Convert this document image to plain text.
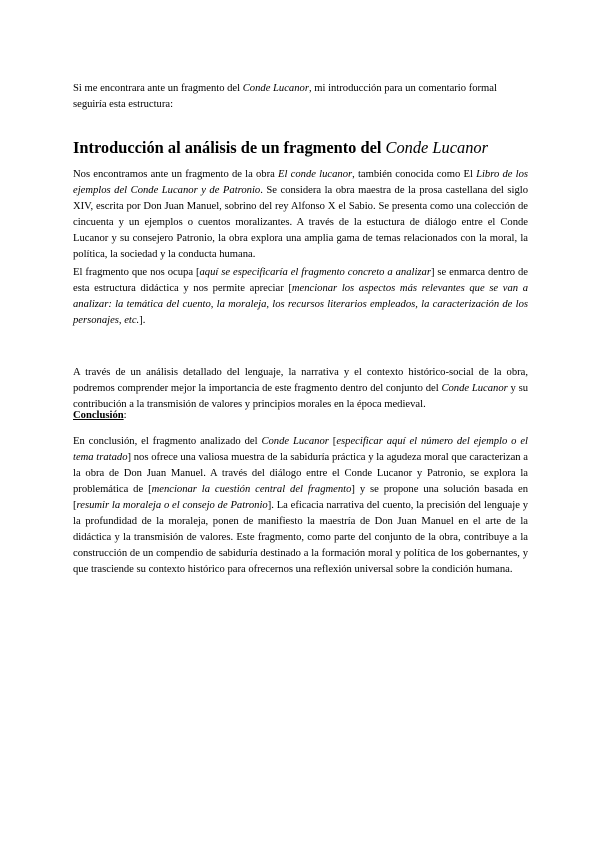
Si me encontrara ante un fragmento del Conde Lucanor, mi introducción para un comentario formal seguiría esta estructura:

Introducción al análisis de un fragmento del Conde Lucanor

Nos encontramos ante un fragmento de la obra El conde lucanor, también conocida como El Libro de los ejemplos del Conde Lucanor y de Patronio. Se considera la obra maestra de la prosa castellana del siglo XIV, escrita por Don Juan Manuel, sobrino del rey Alfonso X el Sabio. Se presenta como una colección de cincuenta y un ejemplos o cuentos moralizantes. A través de la estuctura de diálogo entre el Conde Lucanor y su consejero Patronio, la obra explora una amplia gama de temas relacionados con la moral, la política, la sociedad y la conducta humana.

El fragmento que nos ocupa [aquí se especificaría el fragmento concreto a analizar] se enmarca dentro de esta estructura didáctica y nos permite apreciar [mencionar los aspectos más relevantes que se van a analizar: la temática del cuento, la moraleja, los recursos literarios empleados, la caracterización de los personajes, etc.].

A través de un análisis detallado del lenguaje, la narrativa y el contexto histórico-social de la obra, podremos comprender mejor la importancia de este fragmento dentro del conjunto del Conde Lucanor y su contribución a la transmisión de valores y principios morales en la época medieval.

Conclusión:

En conclusión, el fragmento analizado del Conde Lucanor [especificar aquí el número del ejemplo o el tema tratado] nos ofrece una valiosa muestra de la sabiduría práctica y la agudeza moral que caracterizan a la obra de Don Juan Manuel. A través del diálogo entre el Conde Lucanor y Patronio, se explora la problemática de [mencionar la cuestión central del fragmento] y se propone una solución basada en [resumir la moraleja o el consejo de Patronio]. La eficacia narrativa del cuento, la precisión del lenguaje y la profundidad de la moraleja, ponen de manifiesto la maestría de Don Juan Manuel en el arte de la didáctica y la transmisión de valores. Este fragmento, como parte del conjunto de la obra, contribuye a la construcción de un compendio de sabiduría destinado a la formación moral y política de los gobernantes, y que trasciende su contexto histórico para ofrecernos una reflexión universal sobre la condición humana.
